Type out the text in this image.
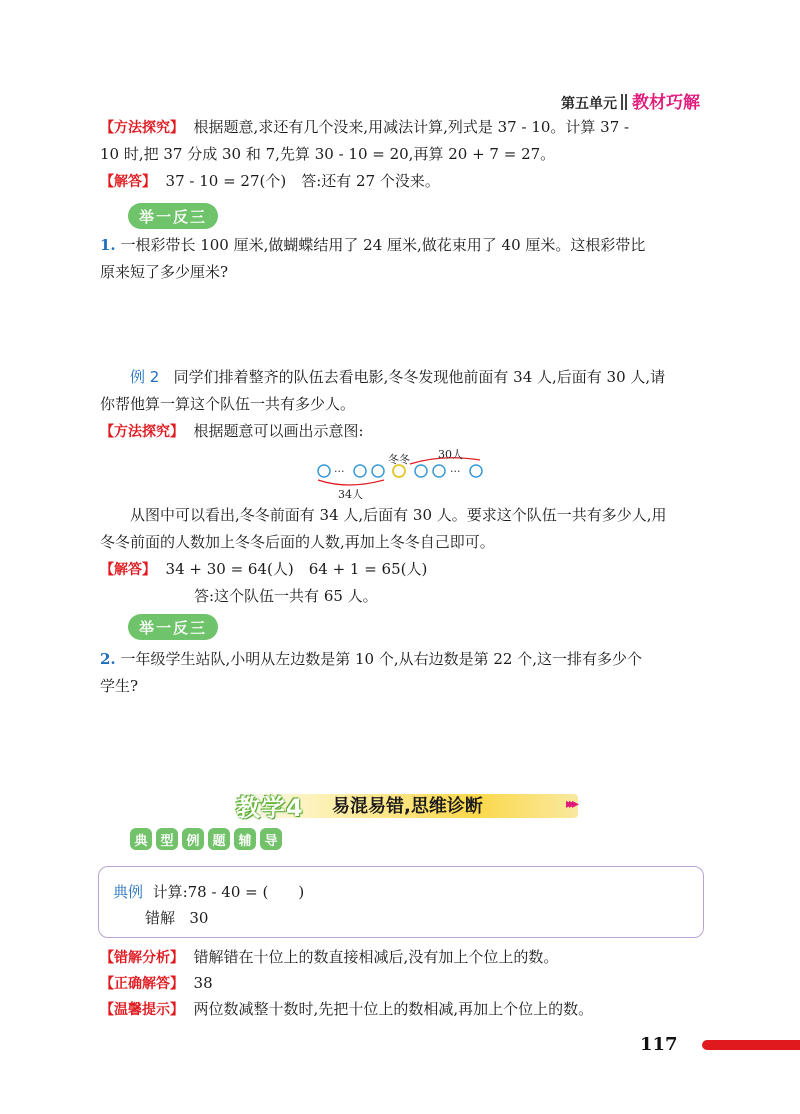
第五单元 教材巧解
【方法探究】 根据题意,求还有几个没来,用减法计算,列式是 37 - 10。计算 37 -
10 时,把 37 分成 30 和 7,先算 30 - 10 = 20,再算 20 + 7 = 27。
【解答】 37 - 10 = 27(个)　答:还有 27 个没来。
举一反三
1. 一根彩带长 100 厘米,做蝴蝶结用了 24 厘米,做花束用了 40 厘米。这根彩带比
原来短了多少厘米?
例 2 同学们排着整齐的队伍去看电影,冬冬发现他前面有 34 人,后面有 30 人,请
你帮他算一算这个队伍一共有多少人。
【方法探究】 根据题意可以画出示意图:
30人
冬冬
···	···
34人
从图中可以看出,冬冬前面有 34 人,后面有 30 人。要求这个队伍一共有多少人,用
冬冬前面的人数加上冬冬后面的人数,再加上冬冬自己即可。
【解答】 34 + 30 = 64(人)　64 + 1 = 65(人)
答:这个队伍一共有 65 人。
举一反三
2. 一年级学生站队,小明从左边数是第 10 个,从右边数是第 22 个,这一排有多少个
学生?
教学4 易混易错,思维诊断	▸▸▸
典 型 例 题 辅 导
典例 计算:78 - 40 = (　　)
错解 30
【错解分析】 错解错在十位上的数直接相减后,没有加上个位上的数。
【正确解答】 38
【温馨提示】 两位数减整十数时,先把十位上的数相减,再加上个位上的数。
117
